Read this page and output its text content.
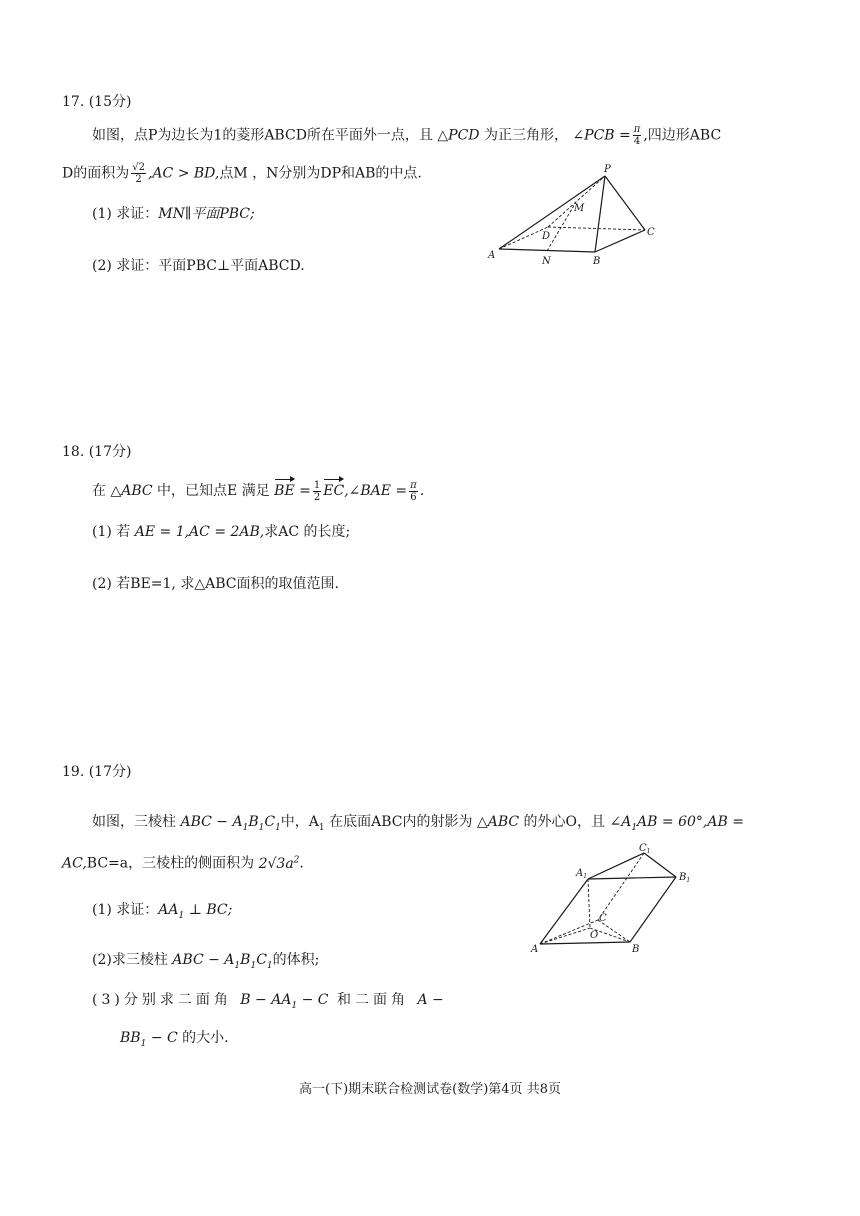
17. (15分)
如图，点P为边长为1的菱形ABCD所在平面外一点，且 △PCD 为正三角形， ∠PCB = $\frac{\pi}{4}$ ,四边形ABC
D的面积为 $\frac{√2}{2} ,AC$ > BD,点M ，N分别为DP和AB的中点.
(1) 求证：MN∥平面PBC;
(2) 求证：平面PBC⊥平面ABCD.
P
M
D	C
A
N	B
18. (17分)
在 △ABC 中，已知点E 满足 BE = $\frac{1}{2}$ EC,∠BAE = $\frac{\pi}{6}$ .
(1) 若 AE = 1,AC = 2AB,求AC 的长度;
(2) 若BE=1, 求△ABC面积的取值范围.
19. (17分)
如图，三棱柱 ABC − $A_1B_1C_1$中，$A_1$ 在底面ABC内的射影为 △ABC 的外心O，且 $\angle A_1AB = 60^\circ,AB$ =
AC,BC=a，三棱柱的侧面积为 $2√3a^2$.
(1) 求证：$AA_1$ ⊥ BC;
(2)求三棱柱 ABC − $A_1B_1C_1$的体积;
(3)分别求二面角 $B - AA_1 - C$ 和二面角 A −
$BB_1 - C$ 的大小.
$C_1$
$A_1$	$B_1$
C
O
A	B
高一(下)期末联合检测试卷(数学)第4页 共8页
